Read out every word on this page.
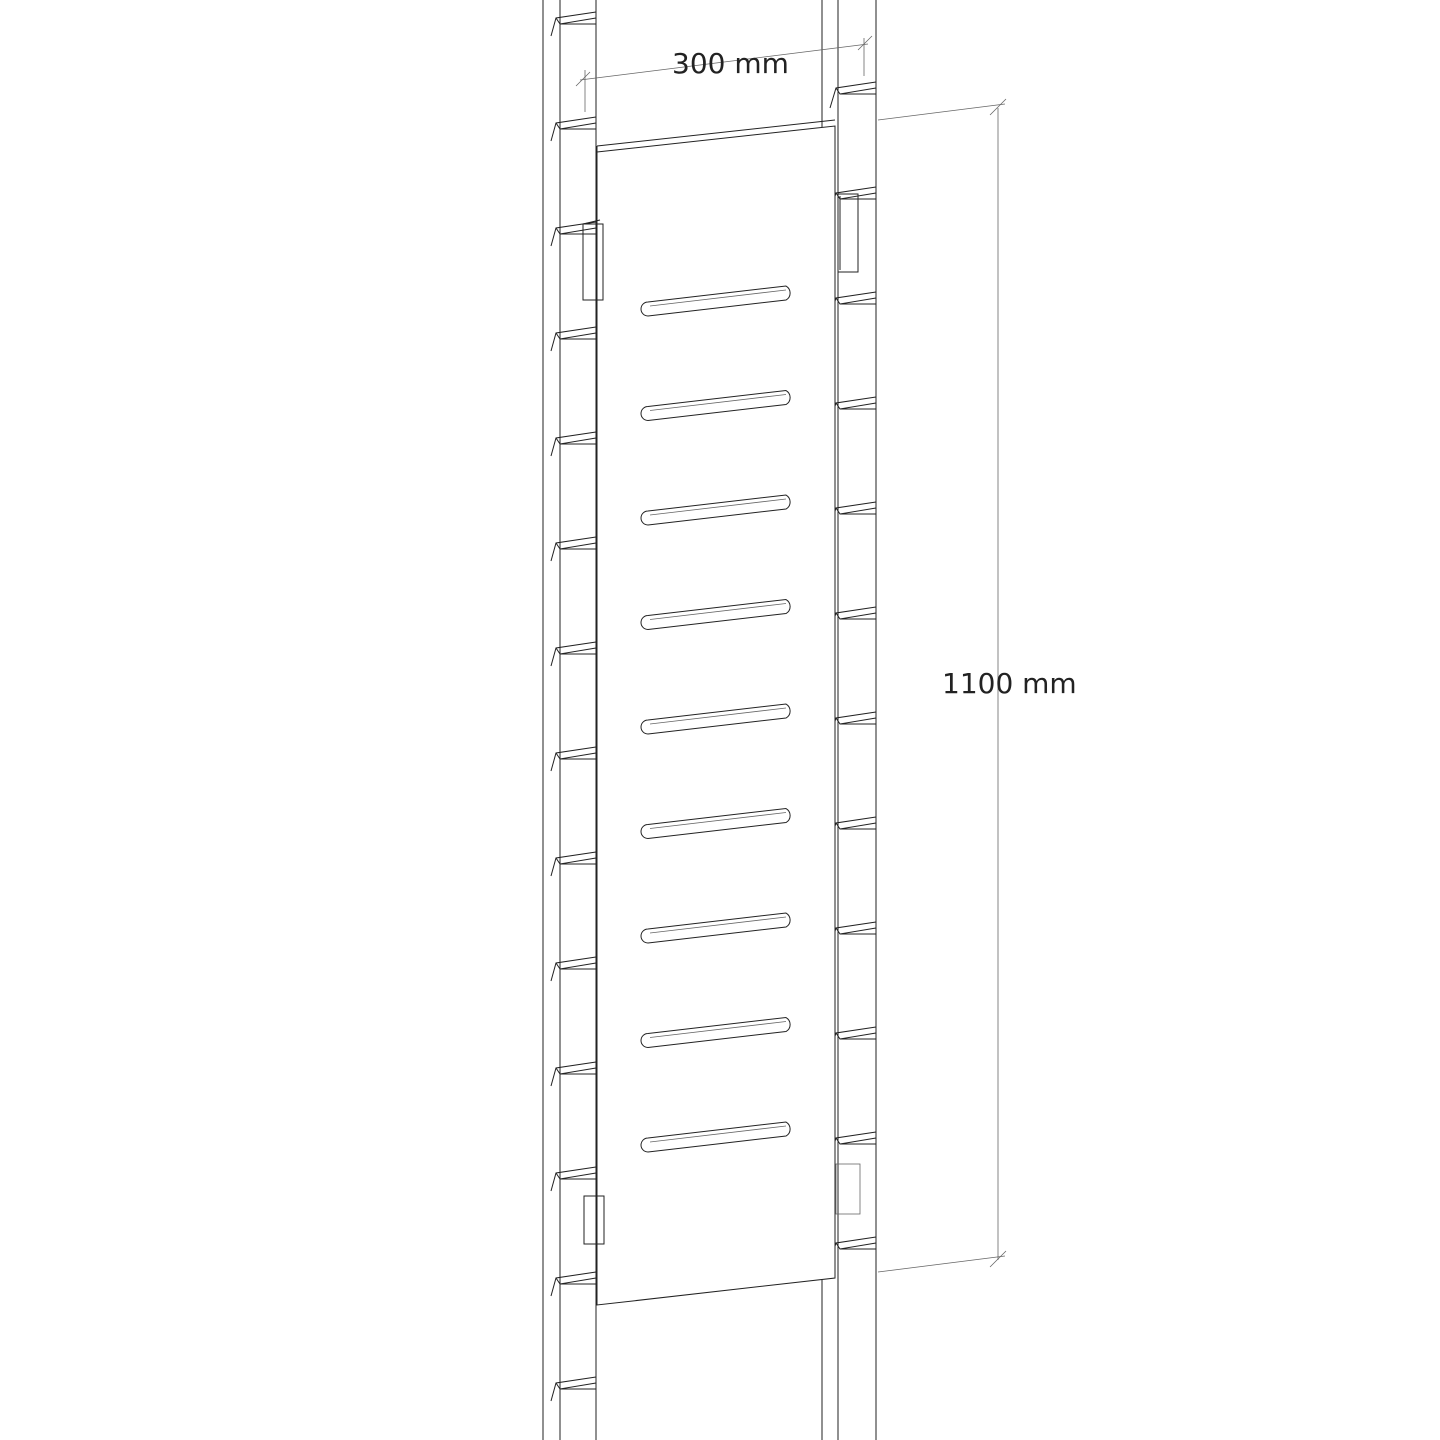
300 mm
1100 mm
